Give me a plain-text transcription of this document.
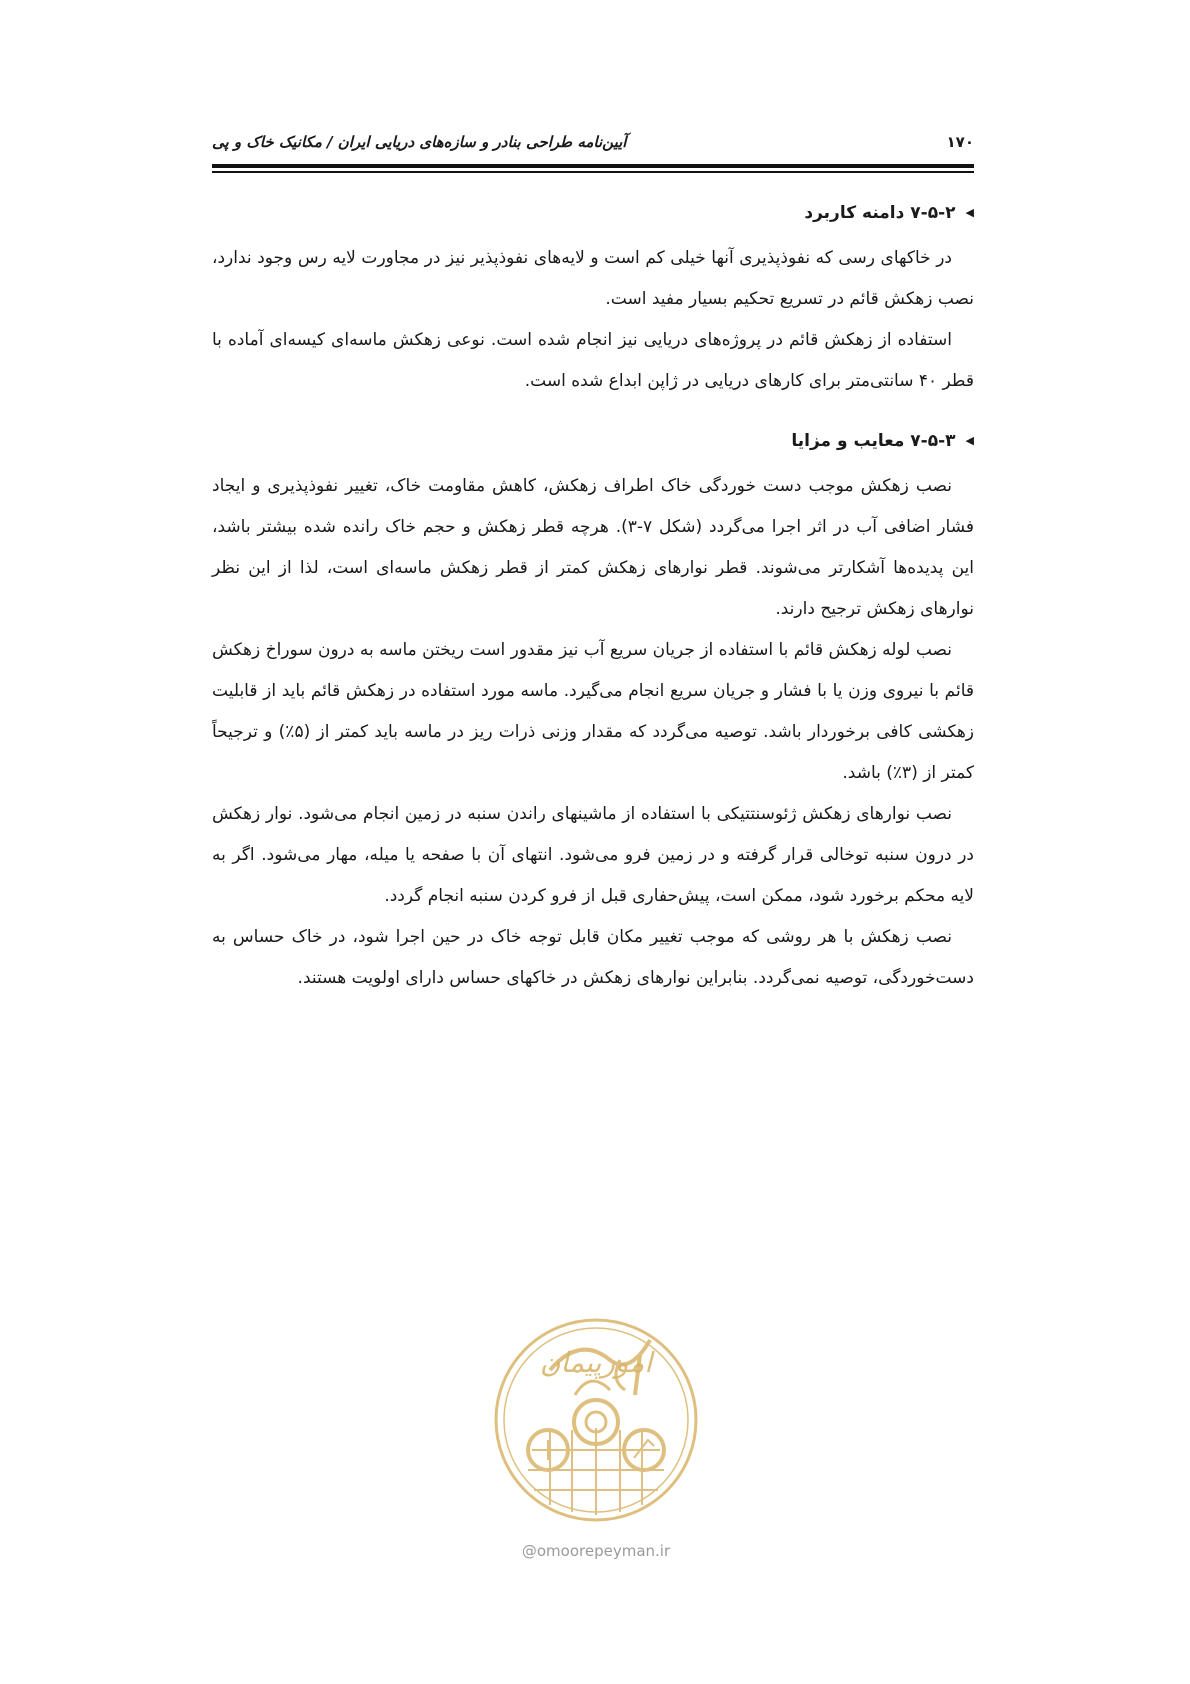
۱۷۰
آیین‌نامه طراحی بنادر و سازه‌های دریایی ایران / مکانیک خاک و پی
◀
۷-۵-۲ دامنه کاربرد

در خاکهای رسی که نفوذپذیری آنها خیلی کم است و لایه‌های نفوذپذیر نیز در مجاورت لایه رس وجود ندارد، نصب زهکش قائم در تسریع تحکیم بسیار مفید است.

استفاده از زهکش قائم در پروژه‌های دریایی نیز انجام شده است. نوعی زهکش ماسه‌ای کیسه‌ای آماده با قطر ۴۰ سانتی‌متر برای کارهای دریایی در ژاپن ابداع شده است.

◀
۷-۵-۳ معایب و مزایا

نصب زهکش موجب دست خوردگی خاک اطراف زهکش، کاهش مقاومت خاک، تغییر نفوذپذیری و ایجاد فشار اضافی آب در اثر اجرا می‌گردد (شکل ۷-۳). هرچه قطر زهکش و حجم خاک رانده شده بیشتر باشد، این پدیده‌ها آشکارتر می‌شوند. قطر نوارهای زهکش کمتر از قطر زهکش ماسه‌ای است، لذا از این نظر نوارهای زهکش ترجیح دارند.

نصب لوله زهکش قائم با استفاده از جریان سریع آب نیز مقدور است ریختن ماسه به درون سوراخ زهکش قائم با نیروی وزن یا با فشار و جریان سریع انجام می‌گیرد. ماسه مورد استفاده در زهکش قائم باید از قابلیت زهکشی کافی برخوردار باشد. توصیه می‌گردد که مقدار وزنی ذرات ریز در ماسه باید کمتر از (۵٪) و ترجیحاً کمتر از (۳٪) باشد.

نصب نوارهای زهکش ژئوسنتتیکی با استفاده از ماشینهای راندن سنبه در زمین انجام می‌شود. نوار زهکش در درون سنبه توخالی قرار گرفته و در زمین فرو می‌شود. انتهای آن با صفحه یا میله، مهار می‌شود. اگر به لایه محکم برخورد شود، ممکن است، پیش‌حفاری قبل از فرو کردن سنبه انجام گردد.

نصب زهکش با هر روشی که موجب تغییر مکان قابل توجه خاک در حین اجرا شود، در خاک حساس به دست‌خوردگی، توصیه نمی‌گردد. بنابراین نوارهای زهکش در خاکهای حساس دارای اولویت هستند.

امورپیمان
@omoorepeyman.ir
